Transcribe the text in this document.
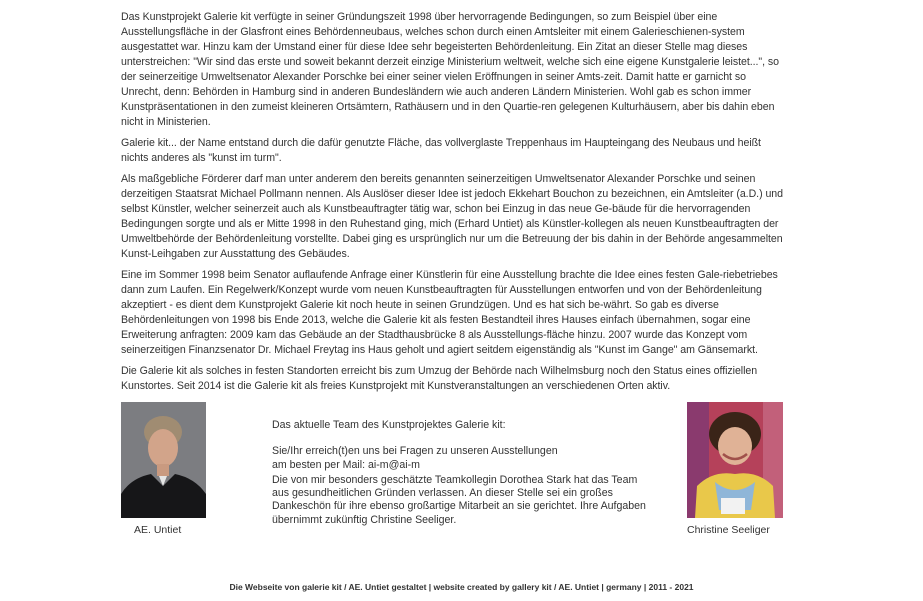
Das Kunstprojekt Galerie kit verfügte in seiner Gründungszeit 1998 über hervorragende Bedingungen, so zum Beispiel über eine Ausstellungsfläche in der Glasfront eines Behördenneubaus, welches schon durch einen Amtsleiter mit einem Galerieschienen-system ausgestattet war. Hinzu kam der Umstand einer für diese Idee sehr begeisterten Behördenleitung. Ein Zitat an dieser Stelle mag dieses unterstreichen: "Wir sind das erste und soweit bekannt derzeit einzige Ministerium weltweit, welche sich eine eigene Kunstgalerie leistet...", so der seinerzeitige Umweltsenator Alexander Porschke bei einer seiner vielen Eröffnungen in seiner Amts-zeit. Damit hatte er garnicht so Unrecht, denn: Behörden in Hamburg sind in anderen Bundesländern wie auch anderen Ländern Ministerien. Wohl gab es schon immer Kunstpräsentationen in den zumeist kleineren Ortsämtern, Rathäusern und in den Quartie-ren gelegenen Kulturhäusern, aber bis dahin eben nicht in Ministerien.

Galerie kit... der Name entstand durch die dafür genutzte Fläche, das vollverglaste Treppenhaus im Haupteingang des Neubaus und heißt nichts anderes als "kunst im turm".

Als maßgebliche Förderer darf man unter anderem den bereits genannten seinerzeitigen Umweltsenator Alexander Porschke und seinen derzeitigen Staatsrat Michael Pollmann nennen. Als Auslöser dieser Idee ist jedoch Ekkehart Bouchon zu bezeichnen, ein Amtsleiter (a.D.) und selbst Künstler, welcher seinerzeit auch als Kunstbeauftragter tätig war, schon bei Einzug in das neue Ge-bäude für die hervorragenden Bedingungen sorgte und als er Mitte 1998 in den Ruhestand ging, mich (Erhard Untiet) als Künstler-kollegen als neuen Kunstbeauftragten der Umweltbehörde der Behördenleitung vorstellte. Dabei ging es ursprünglich nur um die Betreuung der bis dahin in der Behörde angesammelten Kunst-Leihgaben zur Ausstattung des Gebäudes.

Eine im Sommer 1998 beim Senator auflaufende Anfrage einer Künstlerin für eine Ausstellung brachte die Idee eines festen Gale-riebetriebes dann zum Laufen. Ein Regelwerk/Konzept wurde vom neuen Kunstbeauftragten für Ausstellungen entworfen und von der Behördenleitung akzeptiert - es dient dem Kunstprojekt Galerie kit noch heute in seinen Grundzügen. Und es hat sich be-währt. So gab es diverse Behördenleitungen von 1998 bis Ende 2013, welche die Galerie kit als festen Bestandteil ihres Hauses einfach übernahmen, sogar eine Erweiterung anfragten: 2009 kam das Gebäude an der Stadthausbrücke 8 als Ausstellungs-fläche hinzu. 2007 wurde das Konzept vom seinerzeitigen Finanzsenator Dr. Michael Freytag ins Haus geholt und agiert seitdem eigenständig als "Kunst im Gange" am Gänsemarkt.

Die Galerie kit als solches in festen Standorten erreicht bis zum Umzug der Behörde nach Wilhelmsburg noch den Status eines offiziellen Kunstortes. Seit 2014 ist die Galerie kit als freies Kunstprojekt mit Kunstveranstaltungen an verschiedenen Orten aktiv.

AE. Untiet
Das aktuelle Team des Kunstprojektes Galerie kit:
Sie/Ihr erreich(t)en uns bei Fragen zu unseren Ausstellungen
am besten per Mail: ai-m@ai-m
Die von mir besonders geschätzte Teamkollegin Dorothea Stark hat das Team aus gesundheitlichen Gründen verlassen. An dieser Stelle sei ein großes Dankeschön für ihre ebenso großartige Mitarbeit an sie gerichtet. Ihre Aufgaben übernimmt zukünftig Christine Seeliger.
Christine Seeliger
Die Webseite von galerie kit / AE. Untiet gestaltet | website created by gallery kit / AE. Untiet | germany | 2011 - 2021
